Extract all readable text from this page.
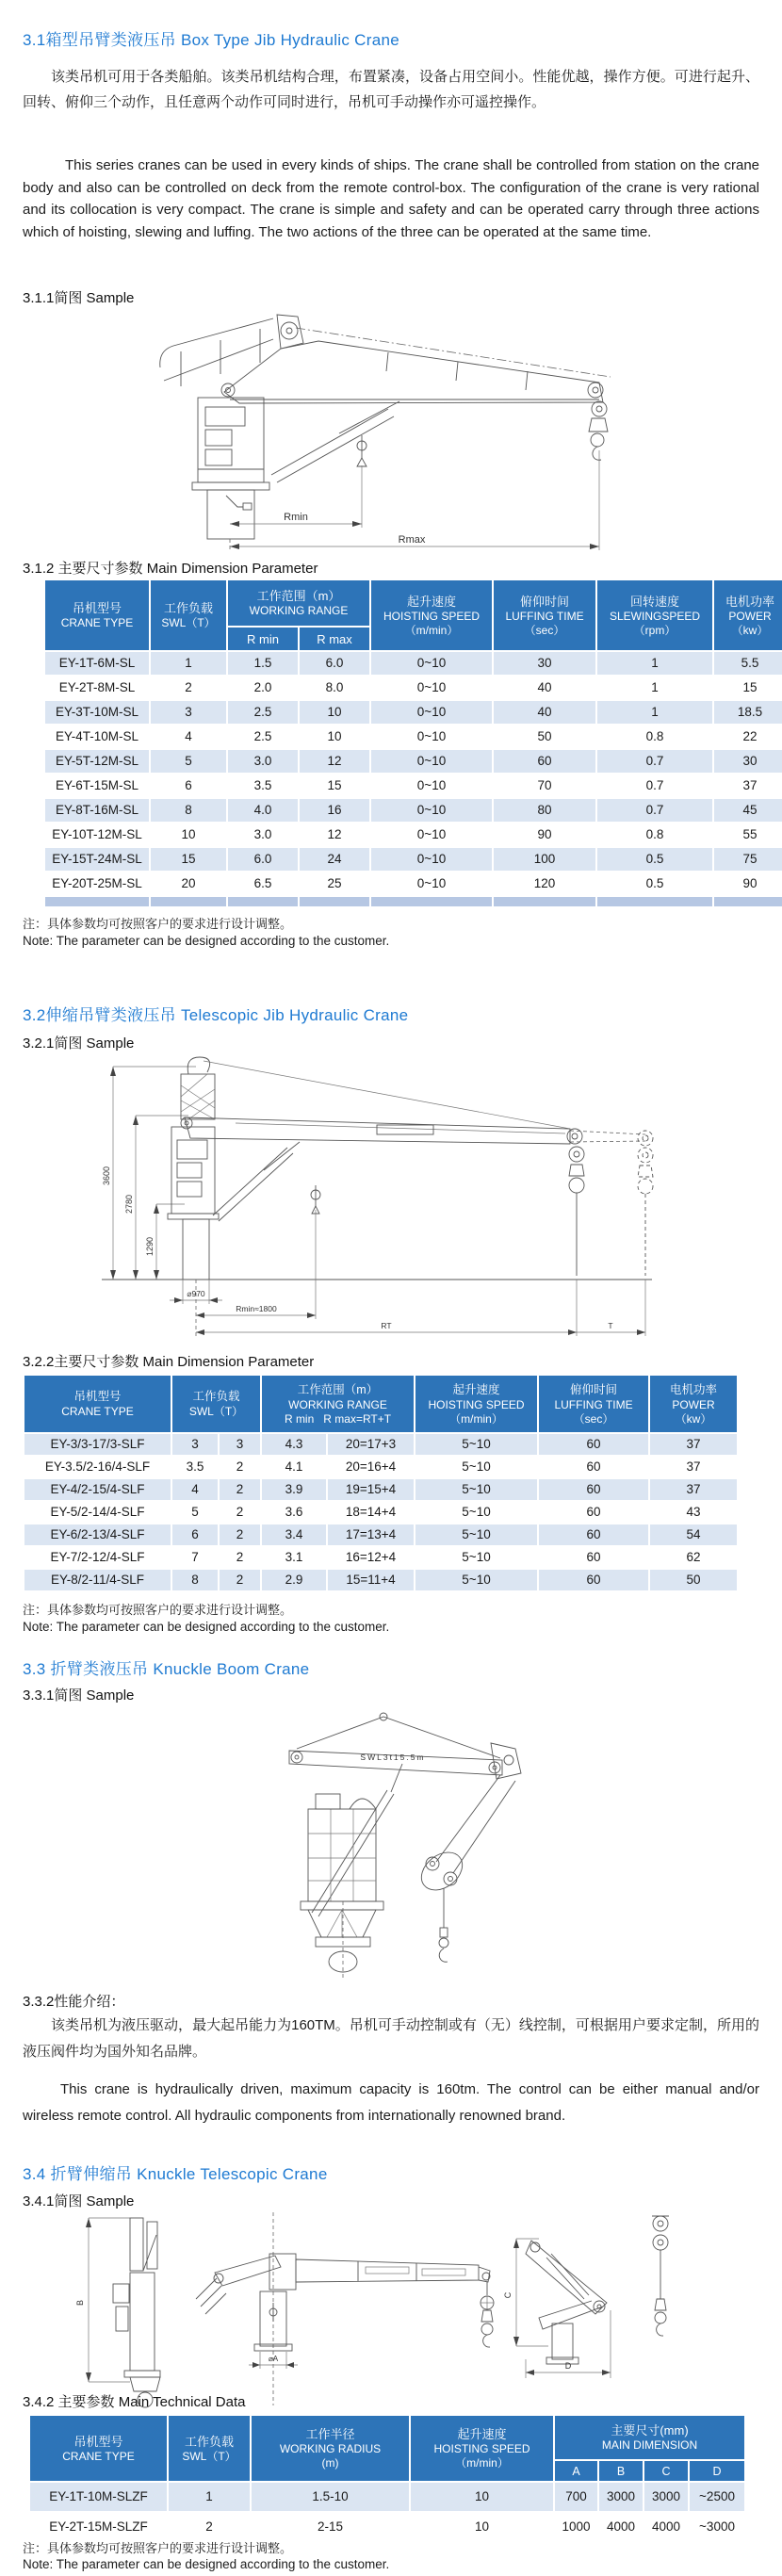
3.1箱型吊臂类液压吊 Box Type Jib Hydraulic Crane
该类吊机可用于各类船舶。该类吊机结构合理，布置紧凑，设备占用空间小。性能优越，操作方便。可进行起升、回转、俯仰三个动作，且任意两个动作可同时进行，吊机可手动操作亦可遥控操作。
This series cranes can be used in every kinds of ships. The crane shall be controlled from station on the crane body and also can be controlled on deck from the remote control-box. The configuration of the crane is very rational and its collocation is very compact. The crane is simple and safety and can be operated carry through three actions which of hoisting, slewing and luffing. The two actions of the three can be operated at the same time.
3.1.1简图 Sample
Rmin
Rmax
3.1.2 主要尺寸参数 Main Dimension Parameter
吊机型号
CRANE TYPE

工作负载
SWL（T）

工作范围（m）
WORKING RANGE

起升速度
HOISTING SPEED
（m/min）

俯仰时间
LUFFING TIME
（sec）

回转速度
SLEWINGSPEED
（rpm）

电机功率
POWER
（kw）

		R min	R max				
EY-1T-6M-SL	1	1.5	6.0	0~10	30	1	5.5
EY-2T-8M-SL	2	2.0	8.0	0~10	40	1	15
EY-3T-10M-SL	3	2.5	10	0~10	40	1	18.5
EY-4T-10M-SL	4	2.5	10	0~10	50	0.8	22
EY-5T-12M-SL	5	3.0	12	0~10	60	0.7	30
EY-6T-15M-SL	6	3.5	15	0~10	70	0.7	37
EY-8T-16M-SL	8	4.0	16	0~10	80	0.7	45
EY-10T-12M-SL	10	3.0	12	0~10	90	0.8	55
EY-15T-24M-SL	15	6.0	24	0~10	100	0.5	75
EY-20T-25M-SL	20	6.5	25	0~10	120	0.5	90

注：具体参数均可按照客户的要求进行设计调整。
Note: The parameter can be designed according to the customer.
3.2伸缩吊臂类液压吊 Telescopic Jib Hydraulic Crane
3.2.1简图 Sample
3600
2780
1290
⌀970
Rmin≈1800
RT	T
3.2.2主要尺寸参数 Main Dimension Parameter
吊机型号
CRANE TYPE

工作负载
SWL（T）

工作范围（m）
WORKING RANGE
R min   R max=RT+T

起升速度
HOISTING SPEED
（m/min）

俯仰时间
LUFFING TIME
（sec）

电机功率
POWER
（kw）

EY-3/3-17/3-SLF	3	3	4.3	20=17+3	5~10	60	37
EY-3.5/2-16/4-SLF	3.5	2	4.1	20=16+4	5~10	60	37
EY-4/2-15/4-SLF	4	2	3.9	19=15+4	5~10	60	37
EY-5/2-14/4-SLF	5	2	3.6	18=14+4	5~10	60	43
EY-6/2-13/4-SLF	6	2	3.4	17=13+4	5~10	60	54
EY-7/2-12/4-SLF	7	2	3.1	16=12+4	5~10	60	62
EY-8/2-11/4-SLF	8	2	2.9	15=11+4	5~10	60	50
注：具体参数均可按照客户的要求进行设计调整。
Note: The parameter can be designed according to the customer.
3.3 折臂类液压吊 Knuckle Boom Crane
3.3.1简图 Sample
SWL3t15.5m
3.3.2性能介绍：
该类吊机为液压驱动，最大起吊能力为160TM。吊机可手动控制或有（无）线控制，可根据用户要求定制，所用的液压阀件均为国外知名品牌。
This crane is hydraulically driven, maximum capacity is 160tm. The control can be either manual and/or wireless remote control. All hydraulic components from internationally renowned brand.
3.4 折臂伸缩吊 Knuckle Telescopic Crane
3.4.1简图 Sample
B
⌀A
C
D
3.4.2 主要参数 Main Technical Data
吊机型号
CRANE TYPE

工作负载
SWL（T）

工作半径
WORKING RADIUS
(m)

起升速度
HOISTING SPEED
（m/min）

主要尺寸(mm)
MAIN DIMENSION

				A	B	C	D
EY-1T-10M-SLZF	1	1.5-10	10	700	3000	3000	~2500
EY-2T-15M-SLZF	2	2-15	10	1000	4000	4000	~3000
注：具体参数均可按照客户的要求进行设计调整。
Note: The parameter can be designed according to the customer.
